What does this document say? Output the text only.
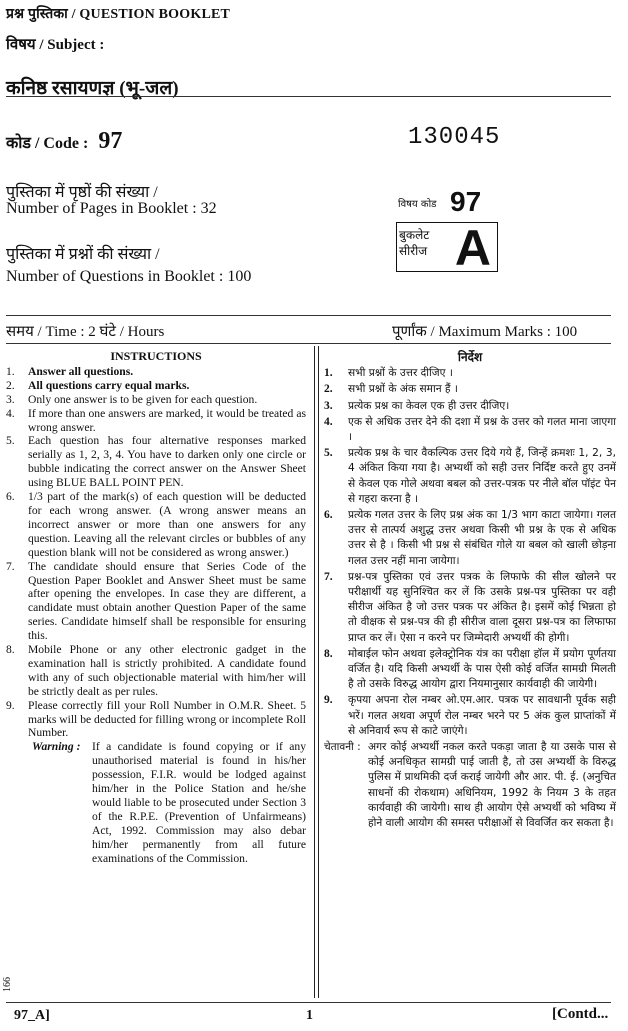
प्रश्न पुस्तिका / QUESTION BOOKLET
विषय / Subject :
कनिष्ठ रसायणज्ञ (भू-जल)
कोड / Code : 97	130045
पुस्तिका में पृष्ठों की संख्या /
Number of Pages in Booklet : 32
पुस्तिका में प्रश्नों की संख्या /
Number of Questions in Booklet : 100
विषय कोड 97
बुकलेट
सीरीज A
समय / Time : 2 घंटे / Hours	पूर्णांक / Maximum Marks : 100
INSTRUCTIONS
1.	Answer all questions.
2.	All questions carry equal marks.
3.	Only one answer is to be given for each question.
4.	If more than one answers are marked, it would be treated as wrong answer.
5.	Each question has four alternative responses marked serially as 1, 2, 3, 4. You have to darken only one circle or bubble indicating the correct answer on the Answer Sheet using BLUE BALL POINT PEN.
6.	1/3 part of the mark(s) of each question will be deducted for each wrong answer. (A wrong answer means an incorrect answer or more than one answers for any question. Leaving all the relevant circles or bubbles of any question blank will not be considered as wrong answer.)
7.	The candidate should ensure that Series Code of the Question Paper Booklet and Answer Sheet must be same after opening the envelopes. In case they are different, a candidate must obtain another Question Paper of the same series. Candidate himself shall be responsible for ensuring this.
8.	Mobile Phone or any other electronic gadget in the examination hall is strictly prohibited. A candidate found with any of such objectionable material with him/her will be strictly dealt as per rules.
9.	Please correctly fill your Roll Number in O.M.R. Sheet. 5 marks will be deducted for filling wrong or incomplete Roll Number.
Warning : If a candidate is found copying or if any unauthorised material is found in his/her possession, F.I.R. would be lodged against him/her in the Police Station and he/she would liable to be prosecuted under Section 3 of the R.P.E. (Prevention of Unfairmeans) Act, 1992. Commission may also debar him/her permanently from all future examinations of the Commission.
निर्देश
1.	सभी प्रश्नों के उत्तर दीजिए ।
2.	सभी प्रश्नों के अंक समान हैं ।
3.	प्रत्येक प्रश्न का केवल एक ही उत्तर दीजिए।
4.	एक से अधिक उत्तर देने की दशा में प्रश्न के उत्तर को गलत माना जाएगा ।
5.	प्रत्येक प्रश्न के चार वैकल्पिक उत्तर दिये गये हैं, जिन्हें क्रमशः 1, 2, 3, 4 अंकित किया गया है। अभ्यर्थी को सही उत्तर निर्दिष्ट करते हुए उनमें से केवल एक गोले अथवा बबल को उत्तर-पत्रक पर नीले बॉल पॉइंट पेन से गहरा करना है ।
6.	प्रत्येक गलत उत्तर के लिए प्रश्न अंक का 1/3 भाग काटा जायेगा। गलत उत्तर से तात्पर्य अशुद्ध उत्तर अथवा किसी भी प्रश्न के एक से अधिक उत्तर से है । किसी भी प्रश्न से संबंधित गोले या बबल को खाली छोड़ना गलत उत्तर नहीं माना जायेगा।
7.	प्रश्न-पत्र पुस्तिका एवं उत्तर पत्रक के लिफाफे की सील खोलने पर परीक्षार्थी यह सुनिश्चित कर लें कि उसके प्रश्न-पत्र पुस्तिका पर वही सीरीज अंकित है जो उत्तर पत्रक पर अंकित है। इसमें कोई भिन्नता हो तो वीक्षक से प्रश्न-पत्र की ही सीरीज वाला दूसरा प्रश्न-पत्र का लिफाफा प्राप्त कर लें। ऐसा न करने पर जिम्मेदारी अभ्यर्थी की होगी।
8.	मोबाईल फोन अथवा इलेक्ट्रोनिक यंत्र का परीक्षा हॉल में प्रयोग पूर्णतया वर्जित है। यदि किसी अभ्यर्थी के पास ऐसी कोई वर्जित सामग्री मिलती है तो उसके विरुद्ध आयोग द्वारा नियमानुसार कार्यवाही की जायेगी।
9.	कृपया अपना रोल नम्बर ओ.एम.आर. पत्रक पर सावधानी पूर्वक सही भरें। गलत अथवा अपूर्ण रोल नम्बर भरने पर 5 अंक कुल प्राप्तांकों में से अनिवार्य रूप से काटे जाएंगे।
चेतावनी : अगर कोई अभ्यर्थी नकल करते पकड़ा जाता है या उसके पास से कोई अनधिकृत सामग्री पाई जाती है, तो उस अभ्यर्थी के विरुद्ध पुलिस में प्राथमिकी दर्ज कराई जायेगी और आर. पी. ई. (अनुचित साधनों की रोकथाम) अधिनियम, 1992 के नियम 3 के तहत कार्यवाही की जायेगी। साथ ही आयोग ऐसे अभ्यर्थी को भविष्य में होने वाली आयोग की समस्त परीक्षाओं से विवर्जित कर सकता है।
166
97_A]	1	[Contd...
